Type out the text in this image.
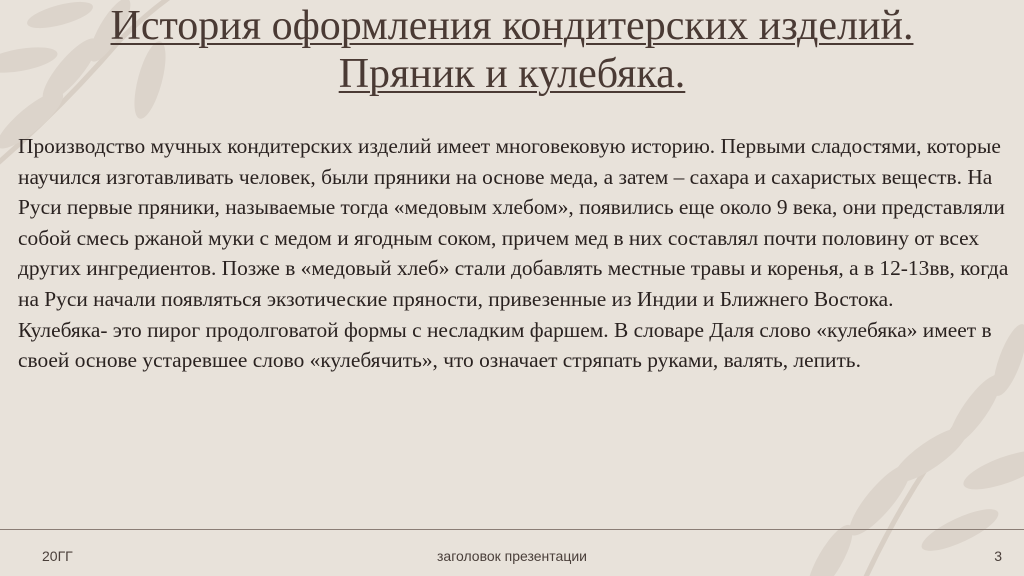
История оформления кондитерских изделий.
Пряник и кулебяка.

Производство мучных кондитерских изделий имеет многовековую историю. Первыми сладостями, которые научился изготавливать человек, были пряники на основе меда, а затем – сахара и сахаристых веществ. На Руси первые пряники, называемые тогда «медовым хлебом», появились еще около 9 века, они представляли собой смесь ржаной муки с медом и ягодным соком, причем мед в них составлял почти половину от всех других ингредиентов. Позже в «медовый хлеб» стали добавлять местные травы и коренья, а в 12-13вв, когда на Руси начали появляться экзотические пряности, привезенные из Индии и Ближнего Востока.

Кулебяка- это пирог продолговатой формы с несладким фаршем. В словаре Даля слово «кулебяка» имеет в своей основе устаревшее слово «кулебячить», что означает стряпать руками, валять, лепить.

20ГГ	заголовок презентации	3
